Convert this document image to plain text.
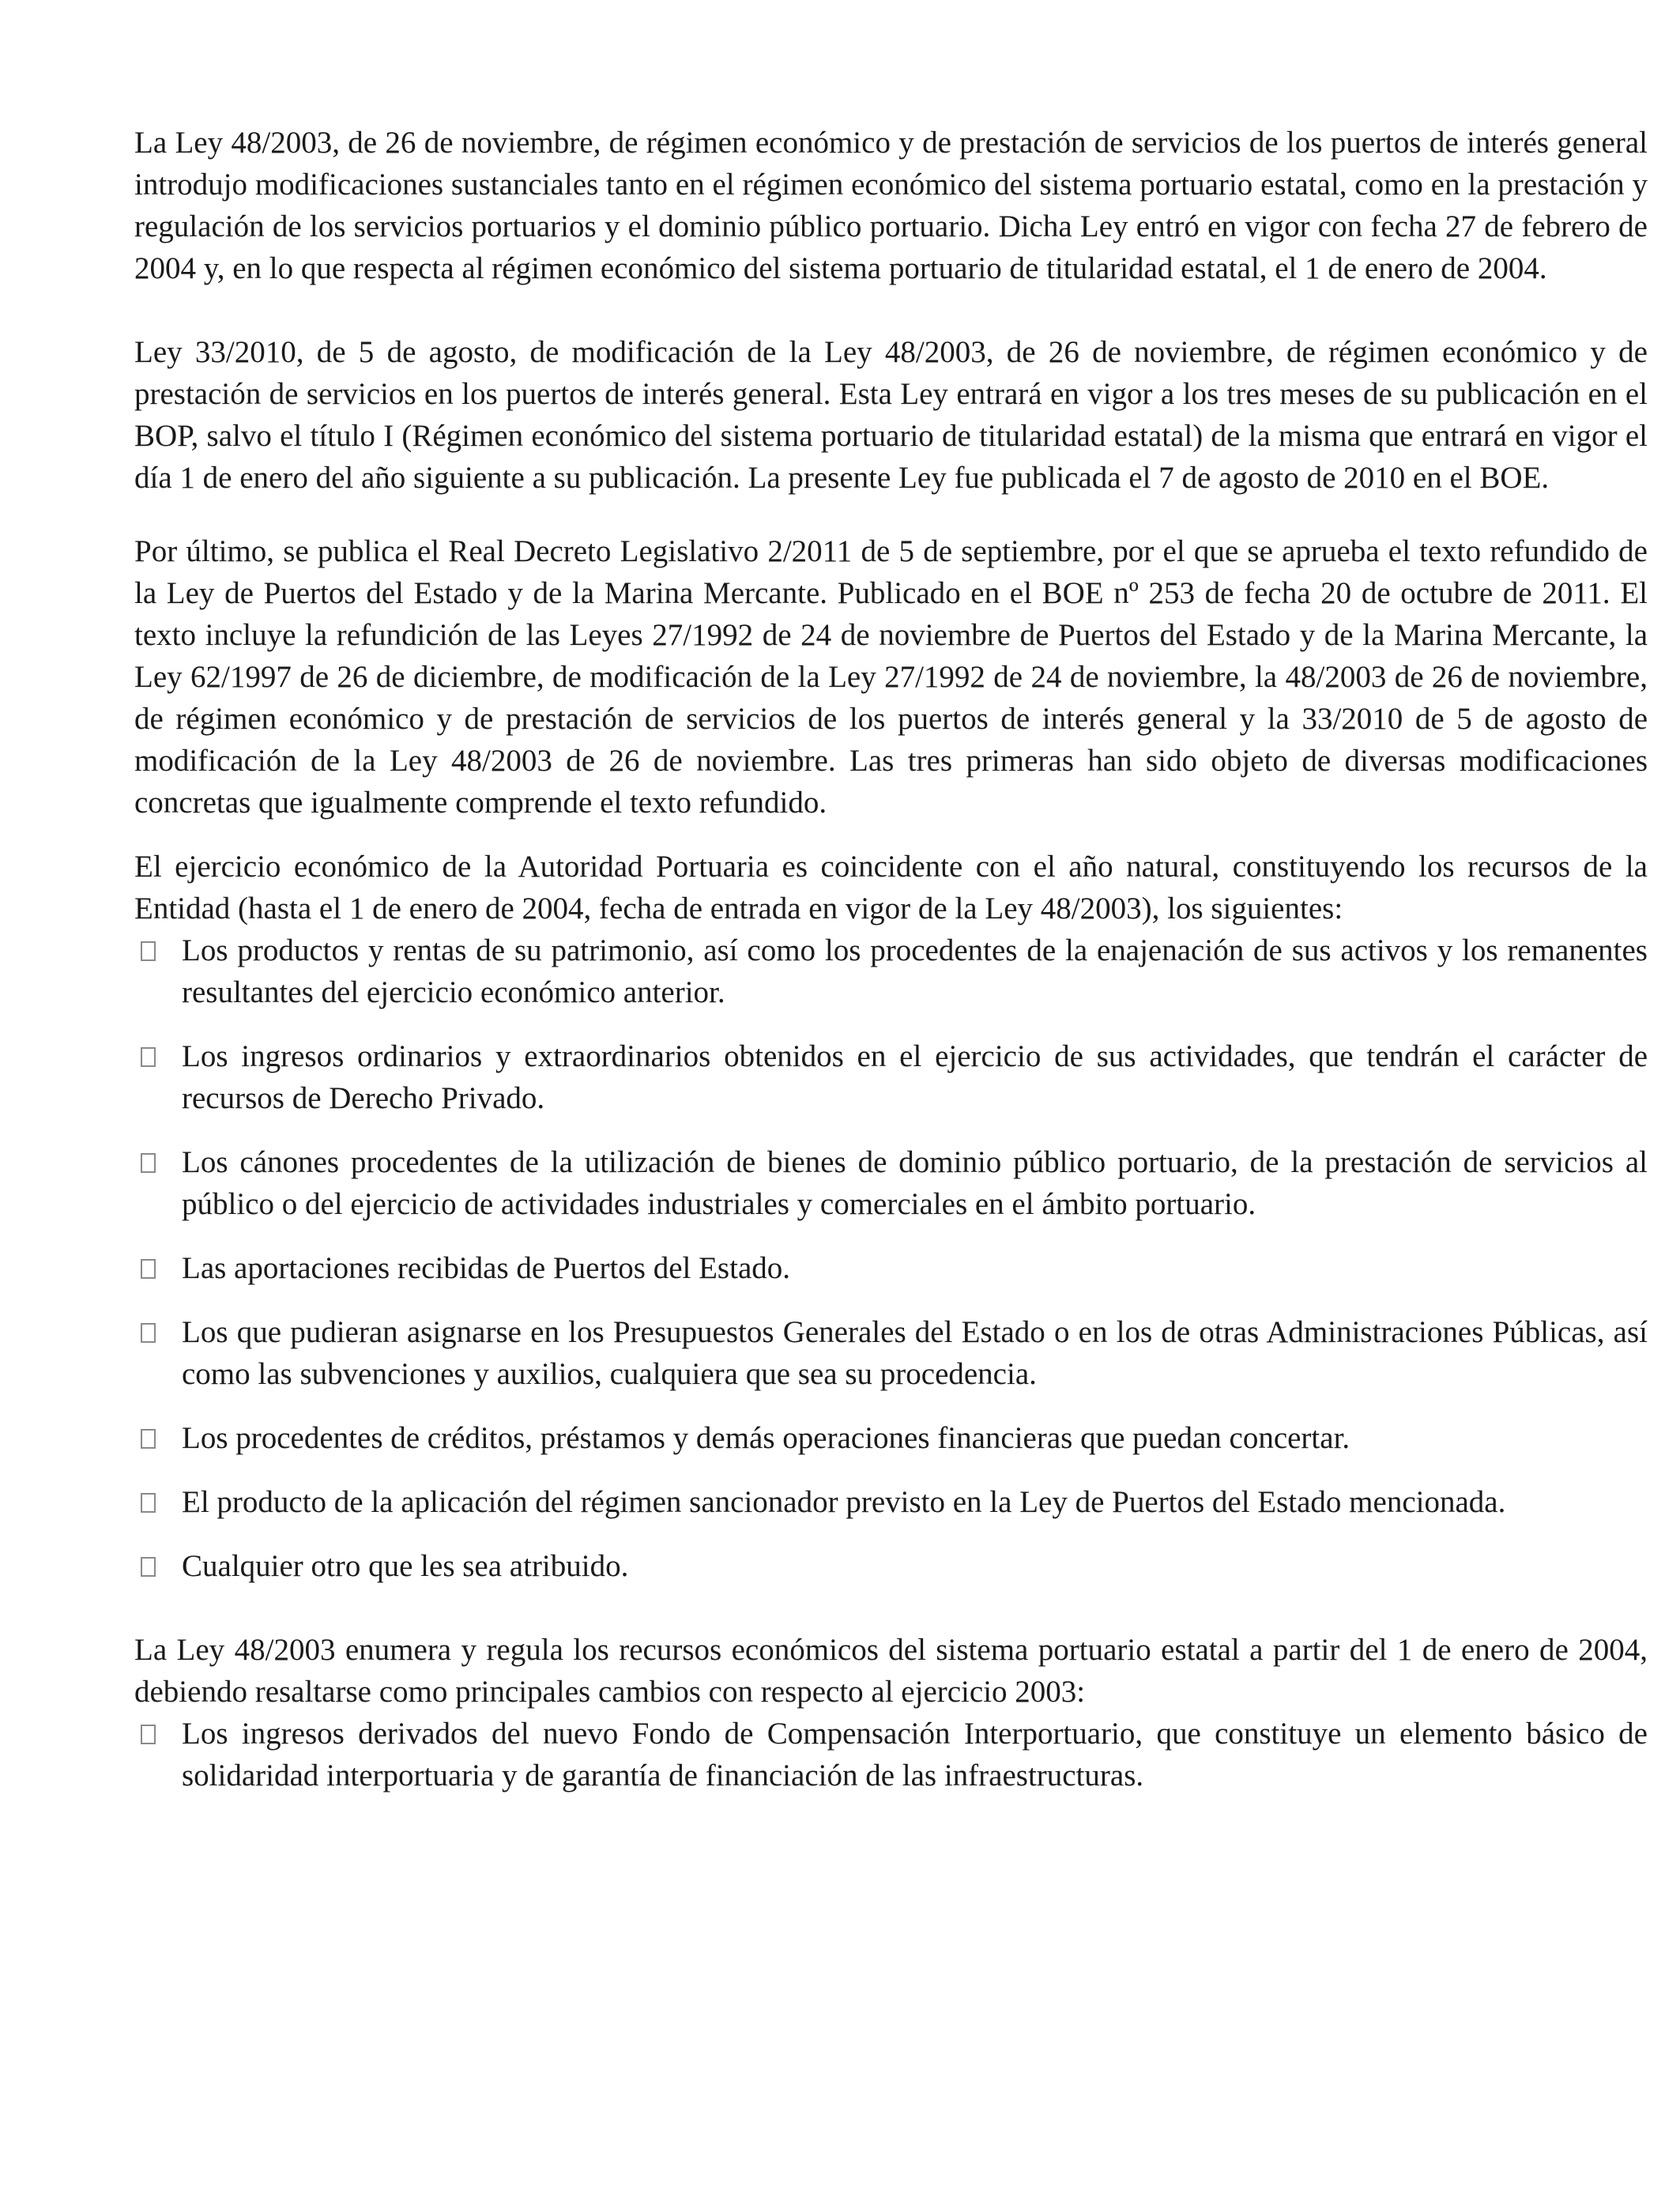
La Ley 48/2003, de 26 de noviembre, de régimen económico y de prestación de servicios de los puertos de interés general introdujo modificaciones sustanciales tanto en el régimen económico del sistema portuario estatal, como en la prestación y regulación de los servicios portuarios y el dominio público portuario. Dicha Ley entró en vigor con fecha 27 de febrero de 2004 y, en lo que respecta al régimen económico del sistema portuario de titularidad estatal, el 1 de enero de 2004.

Ley 33/2010, de 5 de agosto, de modificación de la Ley 48/2003, de 26 de noviembre, de régimen económico y de prestación de servicios en los puertos de interés general. Esta Ley entrará en vigor a los tres meses de su publicación en el BOP, salvo el título I (Régimen económico del sistema portuario de titularidad estatal) de la misma que entrará en vigor el día 1 de enero del año siguiente a su publicación. La presente Ley fue publicada el 7 de agosto de 2010 en el BOE.

Por último, se publica el Real Decreto Legislativo 2/2011 de 5 de septiembre, por el que se aprueba el texto refundido de la Ley de Puertos del Estado y de la Marina Mercante. Publicado en el BOE nº 253 de fecha 20 de octubre de 2011. El texto incluye la refundición de las Leyes 27/1992 de 24 de noviembre de Puertos del Estado y de la Marina Mercante, la Ley 62/1997 de 26 de diciembre, de modificación de la Ley 27/1992 de 24 de noviembre, la 48/2003 de 26 de noviembre, de régimen económico y de prestación de servicios de los puertos de interés general y la 33/2010 de 5 de agosto de modificación de la Ley 48/2003 de 26 de noviembre. Las tres primeras han sido objeto de diversas modificaciones concretas que igualmente comprende el texto refundido.

El ejercicio económico de la Autoridad Portuaria es coincidente con el año natural, constituyendo los recursos de la Entidad (hasta el 1 de enero de 2004, fecha de entrada en vigor de la Ley 48/2003), los siguientes:

Los productos y rentas de su patrimonio, así como los procedentes de la enajenación de sus activos y los remanentes resultantes del ejercicio económico anterior.
Los ingresos ordinarios y extraordinarios obtenidos en el ejercicio de sus actividades, que tendrán el carácter de recursos de Derecho Privado.
Los cánones procedentes de la utilización de bienes de dominio público portuario, de la prestación de servicios al público o del ejercicio de actividades industriales y comerciales en el ámbito portuario.
Las aportaciones recibidas de Puertos del Estado.
Los que pudieran asignarse en los Presupuestos Generales del Estado o en los de otras Administraciones Públicas, así como las subvenciones y auxilios, cualquiera que sea su procedencia.
Los procedentes de créditos, préstamos y demás operaciones financieras que puedan concertar.
El producto de la aplicación del régimen sancionador previsto en la Ley de Puertos del Estado mencionada.
Cualquier otro que les sea atribuido.

La Ley 48/2003 enumera y regula los recursos económicos del sistema portuario estatal a partir del 1 de enero de 2004, debiendo resaltarse como principales cambios con respecto al ejercicio 2003:

Los ingresos derivados del nuevo Fondo de Compensación Interportuario, que constituye un elemento básico de solidaridad interportuaria y de garantía de financiación de las infraestructuras.
